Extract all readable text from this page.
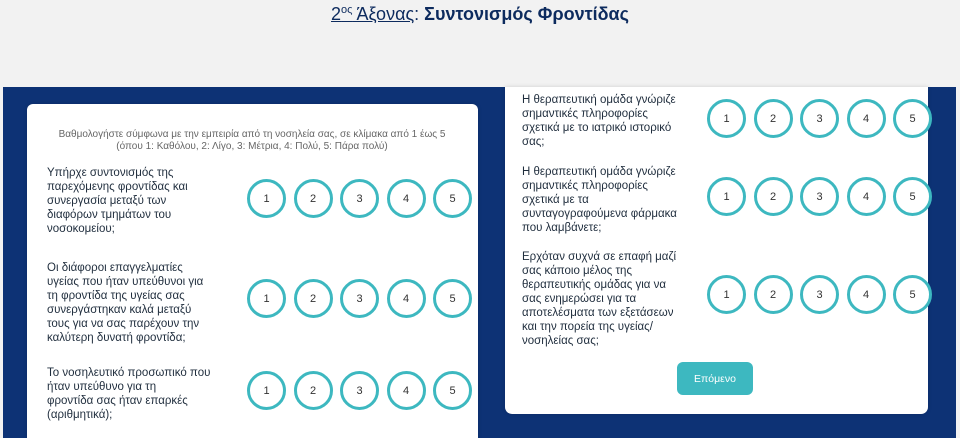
$2^{o\varsigma}$ Άξονας: Συντονισμός Φροντίδας
Βαθμολογήστε σύμφωνα με την εμπειρία από τη νοσηλεία σας, σε κλίμακα από 1 έως 5
(όπου 1: Καθόλου, 2: Λίγο, 3: Μέτρια, 4: Πολύ, 5: Πάρα πολύ)
Υπήρχε συντονισμός της
παρεχόμενης φροντίδας και
συνεργασία μεταξύ των
διαφόρων τμημάτων του
νοσοκομείου;
1	2	3	4	5
Οι διάφοροι επαγγελματίες
υγείας που ήταν υπεύθυνοι για
τη φροντίδα της υγείας σας
συνεργάστηκαν καλά μεταξύ
τους για να σας παρέχουν την
καλύτερη δυνατή φροντίδα;
1	2	3	4	5
Το νοσηλευτικό προσωπικό που
ήταν υπεύθυνο για τη
φροντίδα σας ήταν επαρκές
(αριθμητικά);
1	2	3	4	5
Η θεραπευτική ομάδα γνώριζε
σημαντικές πληροφορίες
σχετικά με το ιατρικό ιστορικό
σας;
1	2	3	4	5
Η θεραπευτική ομάδα γνώριζε
σημαντικές πληροφορίες
σχετικά με τα
συνταγογραφούμενα φάρμακα
που λαμβάνετε;
1	2	3	4	5
Ερχόταν συχνά σε επαφή μαζί
σας κάποιο μέλος της
θεραπευτικής ομάδας για να
σας ενημερώσει για τα
αποτελέσματα των εξετάσεων
και την πορεία της υγείας/
νοσηλείας σας;
1	2	3	4	5
Επόμενο
